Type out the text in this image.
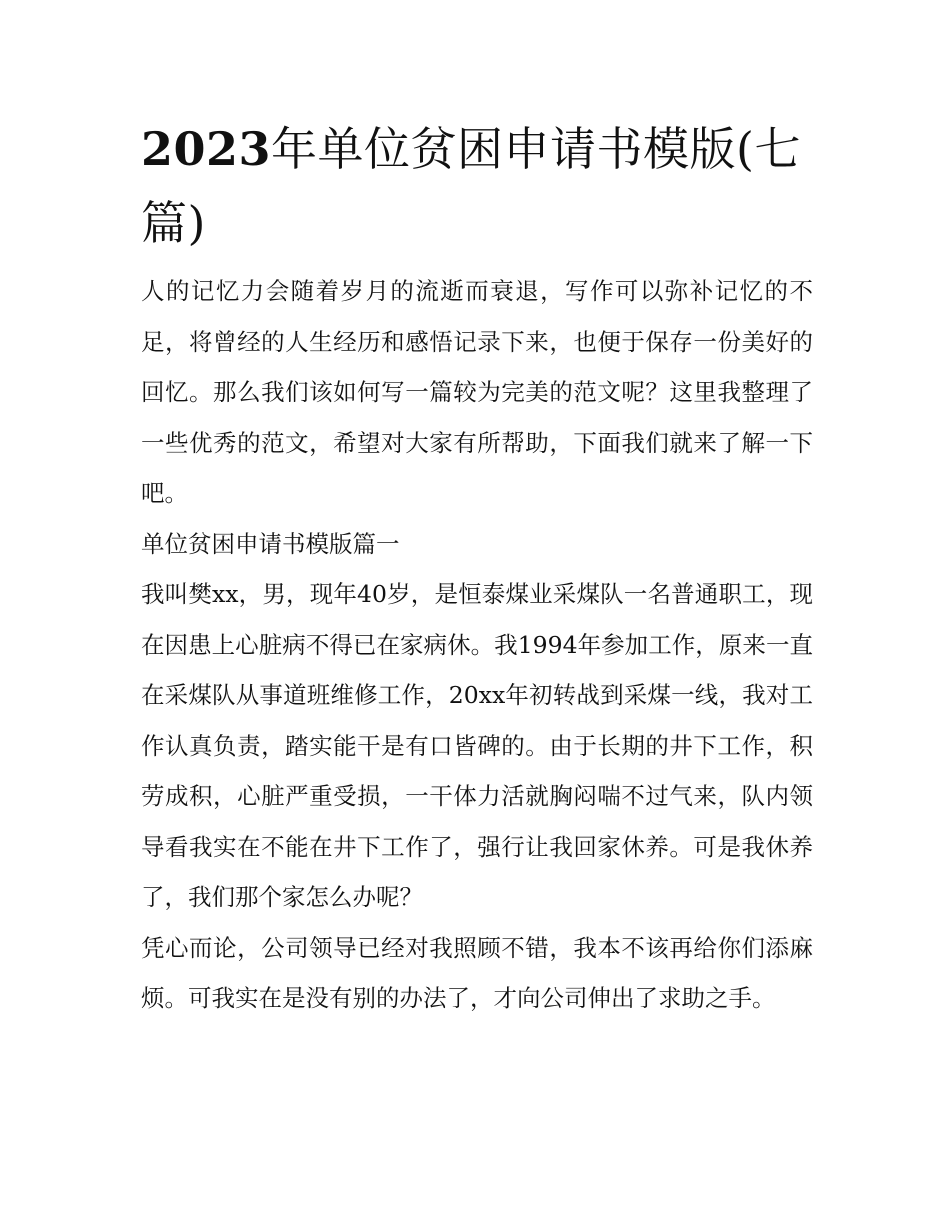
2023年单位贫困申请书模版(七篇)

人的记忆力会随着岁月的流逝而衰退，写作可以弥补记忆的不足，将曾经的人生经历和感悟记录下来，也便于保存一份美好的回忆。那么我们该如何写一篇较为完美的范文呢？这里我整理了一些优秀的范文，希望对大家有所帮助，下面我们就来了解一下吧。

单位贫困申请书模版篇一

我叫樊xx，男，现年40岁，是恒泰煤业采煤队一名普通职工，现在因患上心脏病不得已在家病休。我1994年参加工作，原来一直在采煤队从事道班维修工作，20xx年初转战到采煤一线，我对工作认真负责，踏实能干是有口皆碑的。由于长期的井下工作，积劳成积，心脏严重受损，一干体力活就胸闷喘不过气来，队内领导看我实在不能在井下工作了，强行让我回家休养。可是我休养了，我们那个家怎么办呢？

凭心而论，公司领导已经对我照顾不错，我本不该再给你们添麻烦。可我实在是没有别的办法了，才向公司伸出了求助之手。
